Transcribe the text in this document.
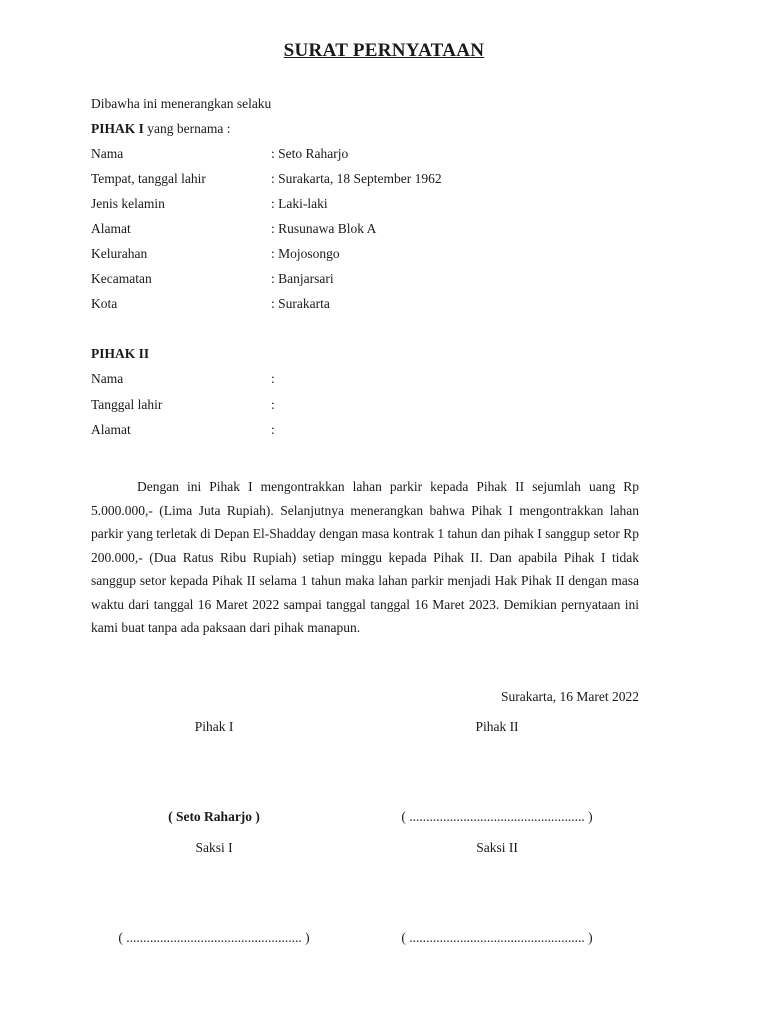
SURAT PERNYATAAN
Dibawha ini menerangkan selaku
PIHAK I yang bernama :
Nama	: Seto Raharjo
Tempat, tanggal lahir	: Surakarta, 18 September 1962
Jenis kelamin	: Laki-laki
Alamat	: Rusunawa Blok A
Kelurahan	: Mojosongo
Kecamatan	: Banjarsari
Kota	: Surakarta
PIHAK II
Nama	:
Tanggal lahir	:
Alamat	:

Dengan ini Pihak I mengontrakkan lahan parkir kepada Pihak II sejumlah uang Rp 5.000.000,- (Lima Juta Rupiah). Selanjutnya menerangkan bahwa Pihak I mengontrakkan lahan parkir yang terletak di Depan El-Shadday dengan masa kontrak 1 tahun dan pihak I sanggup setor Rp 200.000,- (Dua Ratus Ribu Rupiah) setiap minggu kepada Pihak II. Dan apabila Pihak I tidak sanggup setor kepada Pihak II selama 1 tahun maka lahan parkir menjadi Hak Pihak II dengan masa waktu dari tanggal 16 Maret 2022 sampai tanggal tanggal 16 Maret 2023. Demikian pernyataan ini kami buat tanpa ada paksaan dari pihak manapun.

Surakarta, 16 Maret 2022
Pihak I	Pihak II
( Seto Raharjo )	( .................................................... )
Saksi I	Saksi II
( .................................................... )	( .................................................... )
